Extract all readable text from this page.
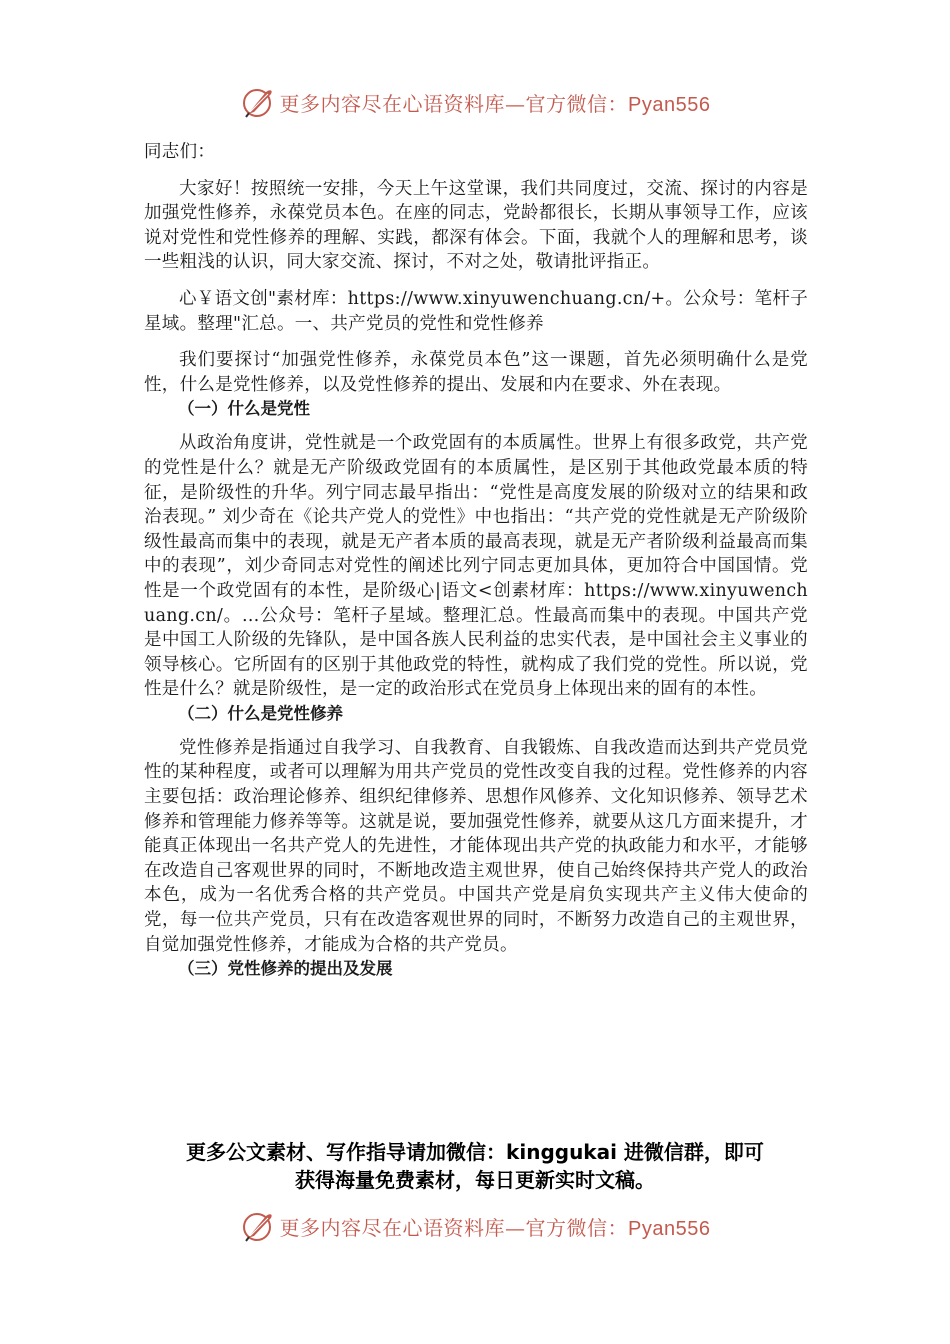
更多内容尽在心语资料库—官方微信：Pyan556

同志们：

大家好！按照统一安排，今天上午这堂课，我们共同度过，交流、探讨的内容是加强党性修养，永葆党员本色。在座的同志，党龄都很长，长期从事领导工作，应该说对党性和党性修养的理解、实践，都深有体会。下面，我就个人的理解和思考，谈一些粗浅的认识，同大家交流、探讨，不对之处，敬请批评指正。

心￥语文创"素材库：https://www.xinyuwenchuang.cn/+。公众号：笔杆子星域。整理"汇总。一、共产党员的党性和党性修养

我们要探讨“加强党性修养，永葆党员本色”这一课题，首先必须明确什么是党性，什么是党性修养，以及党性修养的提出、发展和内在要求、外在表现。

（一）什么是党性

从政治角度讲，党性就是一个政党固有的本质属性。世界上有很多政党，共产党的党性是什么？就是无产阶级政党固有的本质属性，是区别于其他政党最本质的特征，是阶级性的升华。列宁同志最早指出：“党性是高度发展的阶级对立的结果和政治表现。” 刘少奇在《论共产党人的党性》中也指出：“共产党的党性就是无产阶级阶级性最高而集中的表现，就是无产者本质的最高表现，就是无产者阶级利益最高而集中的表现”，刘少奇同志对党性的阐述比列宁同志更加具体，更加符合中国国情。党性是一个政党固有的本性，是阶级心|语文<创素材库：https://www.xinyuwenchuang.cn/。…公众号：笔杆子星域。整理汇总。性最高而集中的表现。中国共产党是中国工人阶级的先锋队，是中国各族人民利益的忠实代表，是中国社会主义事业的领导核心。它所固有的区别于其他政党的特性，就构成了我们党的党性。所以说，党性是什么？就是阶级性，是一定的政治形式在党员身上体现出来的固有的本性。

（二）什么是党性修养

党性修养是指通过自我学习、自我教育、自我锻炼、自我改造而达到共产党员党性的某种程度，或者可以理解为用共产党员的党性改变自我的过程。党性修养的内容主要包括：政治理论修养、组织纪律修养、思想作风修养、文化知识修养、领导艺术修养和管理能力修养等等。这就是说，要加强党性修养，就要从这几方面来提升，才能真正体现出一名共产党人的先进性，才能体现出共产党的执政能力和水平，才能够在改造自己客观世界的同时，不断地改造主观世界，使自己始终保持共产党人的政治本色，成为一名优秀合格的共产党员。中国共产党是肩负实现共产主义伟大使命的党，每一位共产党员，只有在改造客观世界的同时，不断努力改造自己的主观世界，自觉加强党性修养，才能成为合格的共产党员。

（三）党性修养的提出及发展

更多公文素材、写作指导请加微信：kinggukai 进微信群，即可
获得海量免费素材，每日更新实时文稿。
更多内容尽在心语资料库—官方微信：Pyan556
